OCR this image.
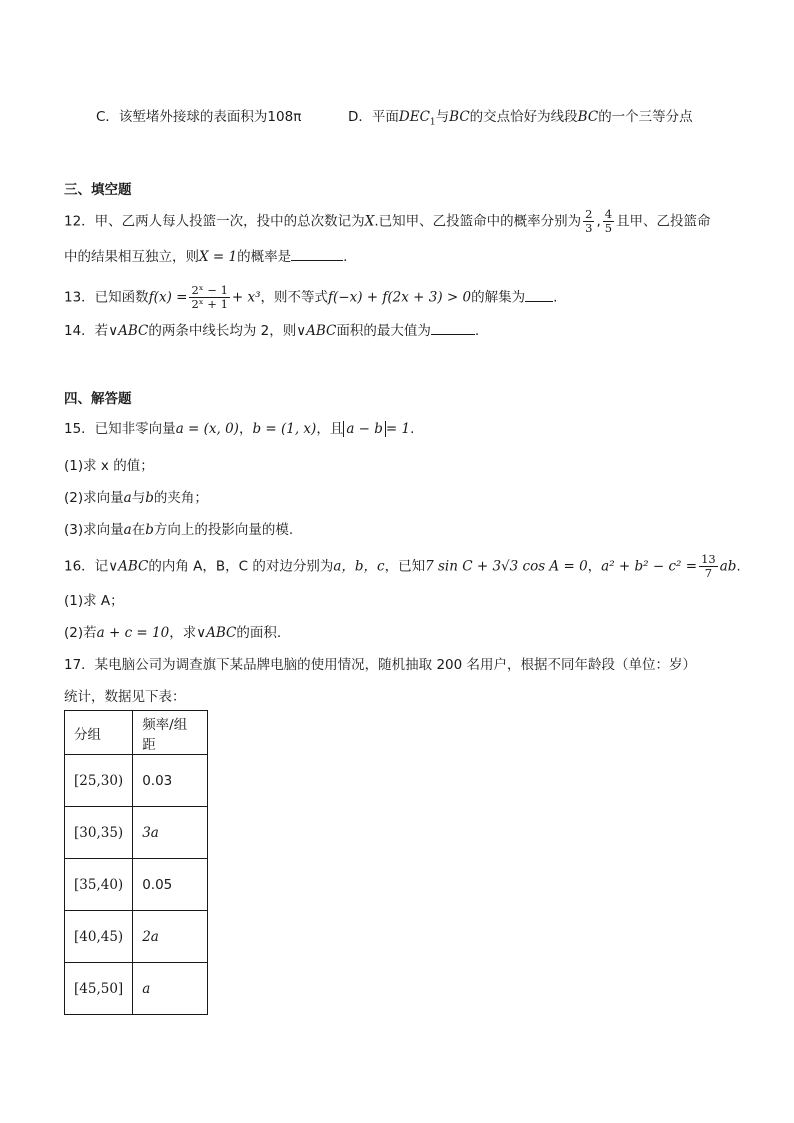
C．该堑堵外接球的表面积为108π	D．平面$DEC_1$与BC的交点恰好为线段BC的一个三等分点
三、填空题
12．甲、乙两人每人投篮一次，投中的总次数记为X.已知甲、乙投篮命中的概率分别为 $\frac{2}{3}$ , $\frac{4}{5}$ 且甲、乙投篮命
中的结果相互独立，则X = 1的概率是	.
13．已知函数$f(x) = \frac{\text{2ˣ − 1}}{\text{2ˣ + 1}} + x^3$，则不等式f(−x) + f(2x + 3) > 0的解集为 .
14．若∨ABC的两条中线长均为 2，则∨ABC面积的最大值为	.
四、解答题
15．已知非零向量a = (x, 0)，b = (1, x)，且 a − b = 1.
(1)求 x 的值；
(2)求向量a与b的夹角；
(3)求向量a在b方向上的投影向量的模.
16．记∨ABC的内角 A，B，C 的对边分别为a，b，c，已知7 sin C + 3√3 cos A = 0，$a^2 + b^2 - c^2 = \frac{13}{7}$ ab.
(1)求 A；
(2)若a + c = 10，求∨ABC的面积.
17．某电脑公司为调查旗下某品牌电脑的使用情况，随机抽取 200 名用户，根据不同年龄段（单位：岁）
统计，数据见下表：
分组	频率/组距
[25,30)	0.03
[30,35)	3a
[35,40)	0.05
[40,45)	2a
[45,50]	a
